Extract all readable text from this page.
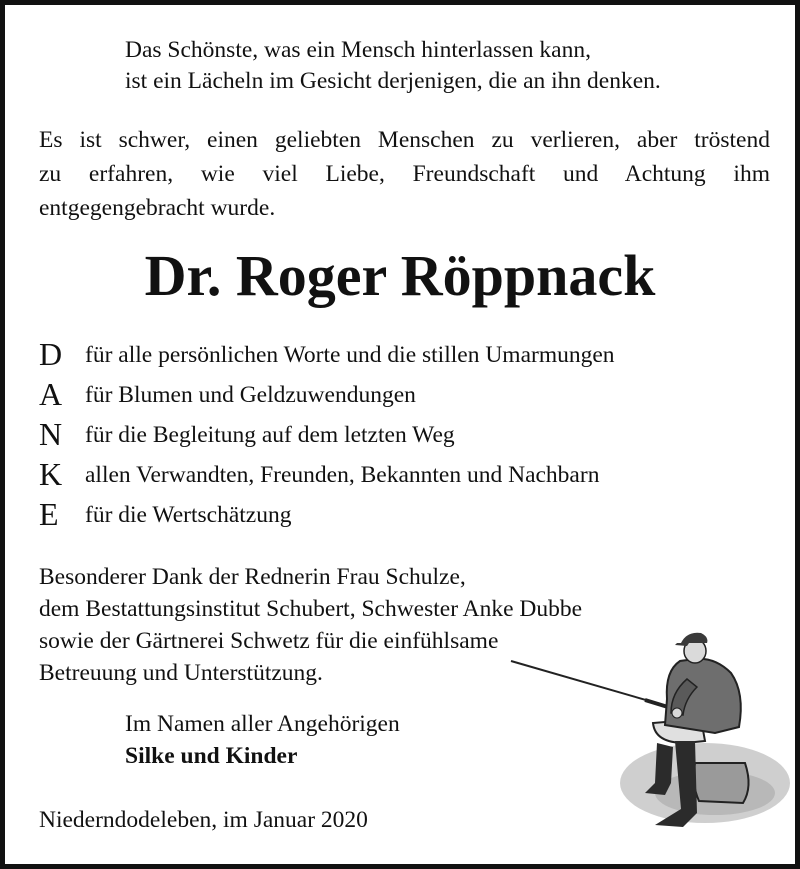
Das Schönste, was ein Mensch hinterlassen kann,
ist ein Lächeln im Gesicht derjenigen, die an ihn denken.
Es ist schwer, einen geliebten Menschen zu verlieren, aber tröstend
zu erfahren, wie viel Liebe, Freundschaft und Achtung ihm
entgegengebracht wurde.
Dr. Roger Röppnack
D für alle persönlichen Worte und die stillen Umarmungen
A für Blumen und Geldzuwendungen
N für die Begleitung auf dem letzten Weg
K allen Verwandten, Freunden, Bekannten und Nachbarn
E für die Wertschätzung
Besonderer Dank der Rednerin Frau Schulze,
dem Bestattungsinstitut Schubert, Schwester Anke Dubbe
sowie der Gärtnerei Schwetz für die einfühlsame
Betreuung und Unterstützung.
Im Namen aller Angehörigen
Silke und Kinder
Niederndodeleben, im Januar 2020
